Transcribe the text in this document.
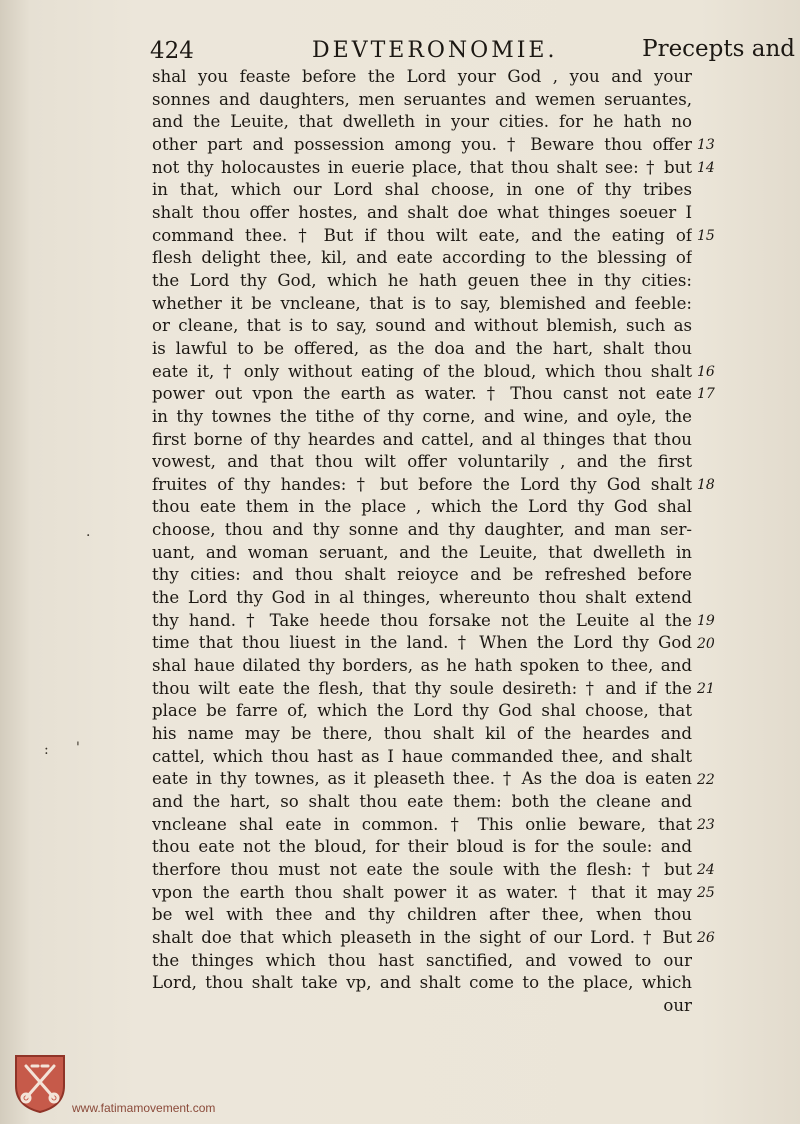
424	DEVTERONOMIE.	Precepts and
shal you feaste before the Lord your God , you and your
sonnes and daughters, men seruantes and wemen seruantes,
and the Leuite, that dwelleth in your cities. for he hath no
other part and possession among you. † Beware thou offer
not thy holocaustes in euerie place, that thou shalt see: † but
in that, which our Lord shal choose, in one of thy tribes
shalt thou offer hostes, and shalt doe what thinges soeuer I
command thee. † But if thou wilt eate, and the eating of
flesh delight thee, kil, and eate according to the blessing of
the Lord thy God, which he hath geuen thee in thy cities:
whether it be vncleane, that is to say, blemished and feeble:
or cleane, that is to say, sound and without blemish, such as
is lawful to be offered, as the doa and the hart, shalt thou
eate it, † only without eating of the bloud, which thou shalt
power out vpon the earth as water. † Thou canst not eate
in thy townes the tithe of thy corne, and wine, and oyle, the
first borne of thy heardes and cattel, and al thinges that thou
vowest, and that thou wilt offer voluntarily , and the first
fruites of thy handes: † but before the Lord thy God shalt
thou eate them in the place , which the Lord thy God shal
choose, thou and thy sonne and thy daughter, and man ser-
uant, and woman seruant, and the Leuite, that dwelleth in
thy cities: and thou shalt reioyce and be refreshed before
the Lord thy God in al thinges, whereunto thou shalt extend
thy hand. † Take heede thou forsake not the Leuite al the
time that thou liuest in the land. † When the Lord thy God
shal haue dilated thy borders, as he hath spoken to thee, and
thou wilt eate the flesh, that thy soule desireth: † and if the
place be farre of, which the Lord thy God shal choose, that
his name may be there, thou shalt kil of the heardes and
cattel, which thou hast as I haue commanded thee, and shalt
eate in thy townes, as it pleaseth thee. † As the doa is eaten
and the hart, so shalt thou eate them: both the cleane and
vncleane shal eate in common. † This onlie beware, that
thou eate not the bloud, for their bloud is for the soule: and
therfore thou must not eate the soule with the flesh: † but
vpon the earth thou shalt power it as water. † that it may
be wel with thee and thy children after thee, when thou
shalt doe that which pleaseth in the sight of our Lord. † But
the thinges which thou hast sanctified, and vowed to our
Lord, thou shalt take vp, and shalt come to the place, which
our
13
14
15
16
17
18
19
20
21
22
23
24
25
26
·
: '
www.fatimamovement.com
